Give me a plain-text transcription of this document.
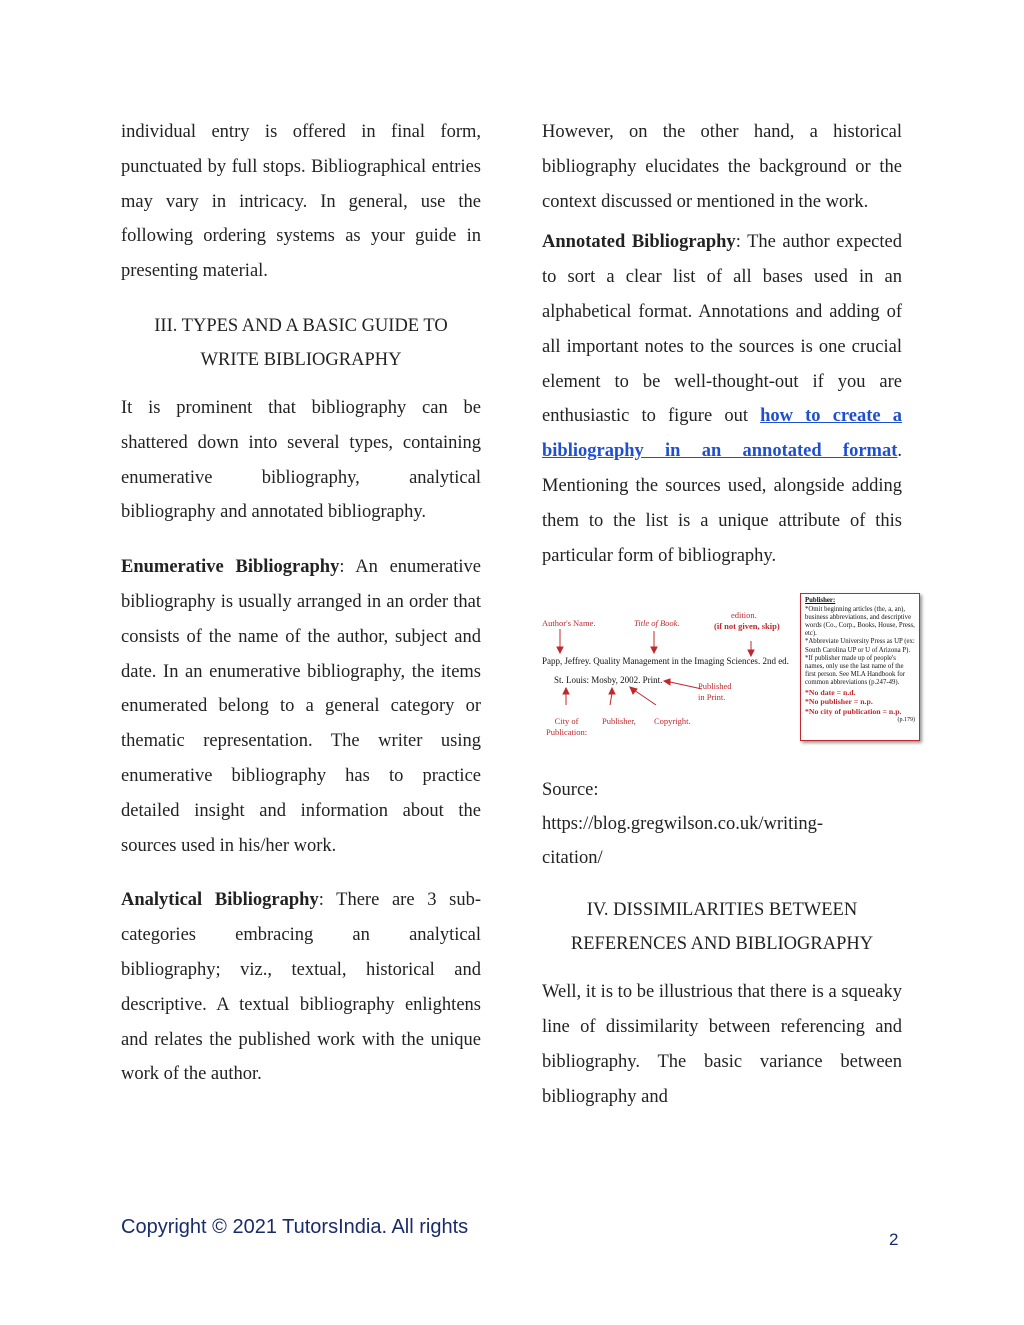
individual entry is offered in final form, punctuated by full stops. Bibliographical entries may vary in intricacy. In general, use the following ordering systems as your guide in presenting material.

III. TYPES AND A BASIC GUIDE TO
WRITE BIBLIOGRAPHY

It is prominent that bibliography can be shattered down into several types, containing enumerative bibliography, analytical bibliography and annotated bibliography.

Enumerative Bibliography: An enumerative bibliography is usually arranged in an order that consists of the name of the author, subject and date. In an enumerative bibliography, the items enumerated belong to a general category or thematic representation. The writer using enumerative bibliography has to practice detailed insight and information about the sources used in his/her work.

Analytical Bibliography: There are 3 sub-categories embracing an analytical bibliography; viz., textual, historical and descriptive. A textual bibliography enlightens and relates the published work with the unique work of the author.

However, on the other hand, a historical bibliography elucidates the background or the context discussed or mentioned in the work.

Annotated Bibliography: The author expected to sort a clear list of all bases used in an alphabetical format. Annotations and adding of all important notes to the sources is one crucial element to be well-thought-out if you are enthusiastic to figure out how to create a bibliography in an annotated format. Mentioning the sources used, alongside adding them to the list is a unique attribute of this particular form of bibliography.

Author's Name.	Title of Book.
edition.
(if not given, skip)
Papp, Jeffrey. Quality Management in the Imaging Sciences. 2nd ed.
St. Louis: Mosby, 2002. Print.
Published
in Print.
City of
Publication:
Publisher, Copyright.
Publisher:
*Omit beginning articles (the, a, an), business abbreviations, and descriptive words (Co., Corp., Books, House, Press, etc).
*Abbreviate University Press as UP (ex: South Carolina UP or U of Arizona P).
*If publisher made up of people's names, only use the last name of the first person. See MLA Handbook for common abbreviations (p.247-49).
*No date = n.d.
*No publisher = n.p.
*No city of publication = n.p.
(p.179)
Source:
https://blog.gregwilson.co.uk/writing-
citation/
IV. DISSIMILARITIES BETWEEN
REFERENCES AND BIBLIOGRAPHY

Well, it is to be illustrious that there is a squeaky line of dissimilarity between referencing and bibliography. The basic variance between bibliography and

Copyright © 2021 TutorsIndia. All rights
2
